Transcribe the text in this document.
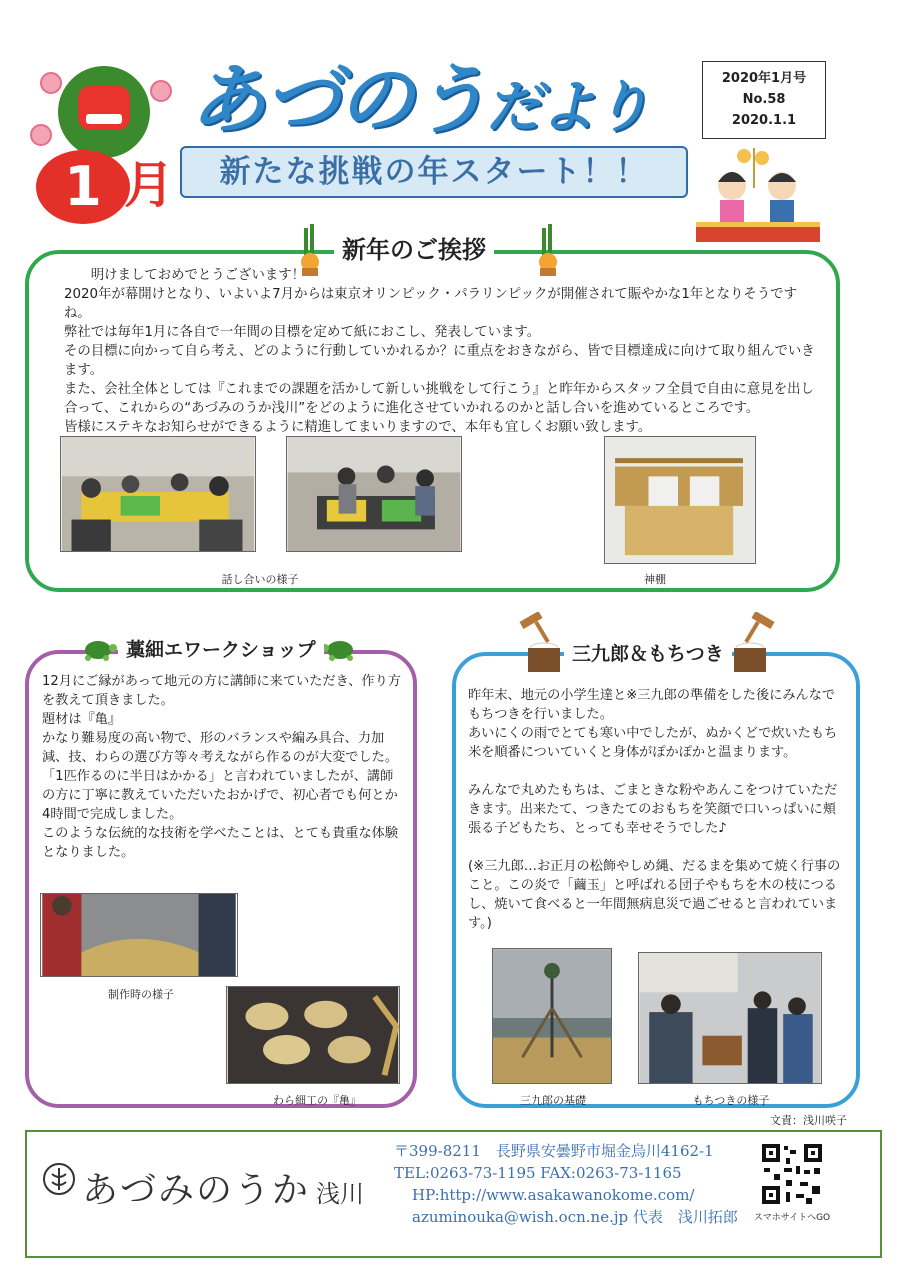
1 月
あづのうだより
新たな挑戦の年スタート！！
2020年1月号
No.58
2020.1.1
新年のご挨拶

　　明けましておめでとうございます！

2020年が幕開けとなり、いよいよ7月からは東京オリンピック・パラリンピックが開催されて賑やかな1年となりそうですね。

弊社では毎年1月に各自で一年間の目標を定めて紙におこし、発表しています。

その目標に向かって自ら考え、どのように行動していかれるか？に重点をおきながら、皆で目標達成に向けて取り組んでいきます。

また、会社全体としては『これまでの課題を活かして新しい挑戦をして行こう』と昨年からスタッフ全員で自由に意見を出し合って、これからの“あづみのうか浅川”をどのように進化させていかれるのかと話し合いを進めているところです。

皆様にステキなお知らせができるように精進してまいりますので、本年も宜しくお願い致します。

話し合いの様子	神棚
藁細エワークショップ

12月にご縁があって地元の方に講師に来ていただき、作り方を教えて頂きました。

題材は『亀』

かなり難易度の高い物で、形のバランスや編み具合、力加減、技、わらの選び方等々考えながら作るのが大変でした。

「1匹作るのに半日はかかる」と言われていましたが、講師の方に丁寧に教えていただいたおかげで、初心者でも何とか4時間で完成しました。

このような伝統的な技術を学べたことは、とても貴重な体験となりました。

制作時の様子
わら細工の『亀』
三九郎＆もちつき

昨年末、地元の小学生達と※三九郎の準備をした後にみんなでもちつきを行いました。

あいにくの雨でとても寒い中でしたが、ぬかくどで炊いたもち米を順番についていくと身体がぽかぽかと温まります。

みんなで丸めたもちは、ごまときな粉やあんこをつけていただきます。出来たて、つきたてのおもちを笑顔で口いっぱいに頬張る子どもたち、とっても幸せそうでした♪

(※三九郎…お正月の松飾やしめ縄、だるまを集めて焼く行事のこと。この炎で「繭玉」と呼ばれる団子やもちを木の枝につるし、焼いて食べると一年間無病息災で過ごせると言われています。)

三九郎の基礎	もちつきの様子
文責：浅川咲子
あづみのうか 浅川
〒399-8211　長野県安曇野市堀金烏川4162-1
TEL:0263-73-1195 FAX:0263-73-1165
HP:http://www.asakawanokome.com/
azuminouka@wish.ocn.ne.jp 代表　浅川拓郎 スマホサイトへGO
